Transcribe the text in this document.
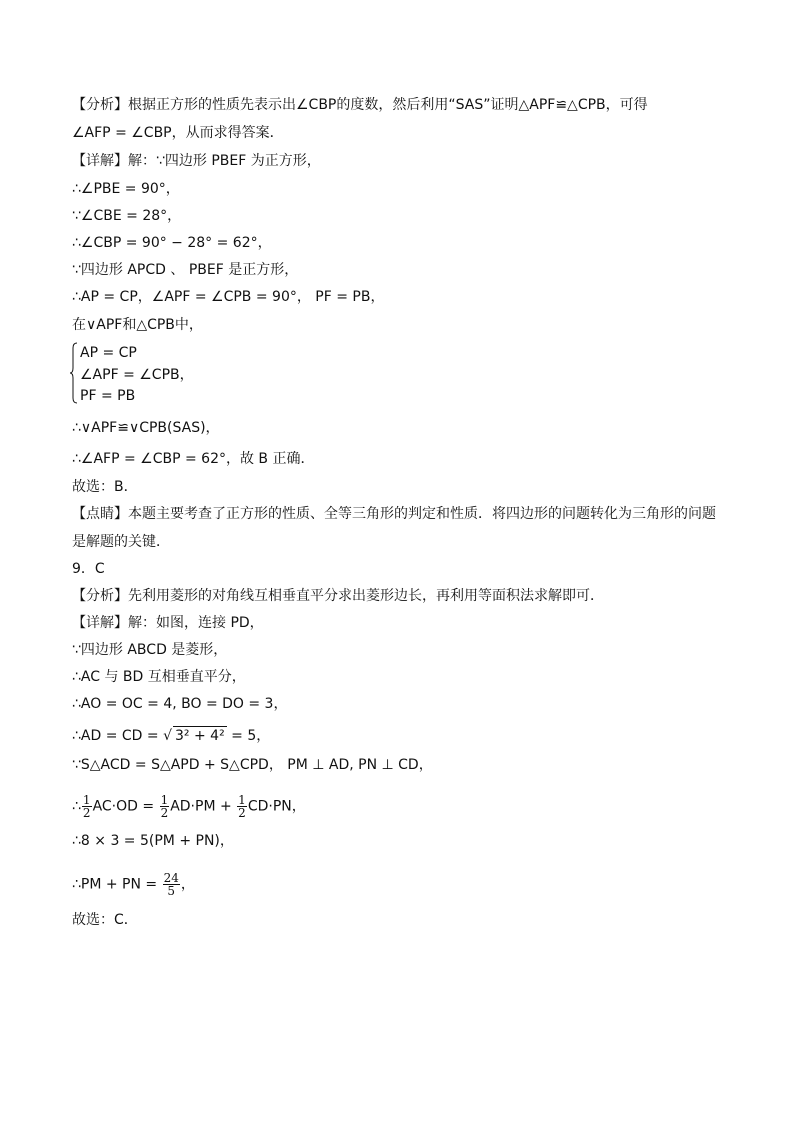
【分析】根据正方形的性质先表示出∠CBP的度数，然后利用“SAS”证明△APF≌△CPB，可得
∠AFP = ∠CBP，从而求得答案．
【详解】解：∵四边形 PBEF 为正方形，
∴∠PBE = 90°，
∵∠CBE = 28°，
∴∠CBP = 90° − 28° = 62°，
∵四边形 APCD 、 PBEF 是正方形，
∴AP = CP，∠APF = ∠CPB = 90°， PF = PB，
在∨APF和△CPB中，
AP = CP
∠APF = ∠CPB，
PF = PB
∴∨APF≌∨CPB(SAS)，
∴∠AFP = ∠CBP = 62°，故 B 正确．
故选：B．
【点睛】本题主要考查了正方形的性质、全等三角形的判定和性质．将四边形的问题转化为三角形的问题
是解题的关键．
9．C
【分析】先利用菱形的对角线互相垂直平分求出菱形边长，再利用等面积法求解即可．
【详解】解：如图，连接 PD，
∵四边形 ABCD 是菱形，
∴AC 与 BD 互相垂直平分，
∴AO = OC = 4, BO = DO = 3，
∵S△ACD = S△APD + S△CPD， PM ⊥ AD, PN ⊥ CD，
∴8 × 3 = 5(PM + PN)，
故选：C．
∴AD = CD = √ 3² + 4² = 5，
∴ $\frac{1}{2} AC\cdot OD = \frac{1}{2} AD\cdot PM + \frac{1}{2} CD\cdot PN$，
∴PM + PN = $\frac{24}{5}$ ，
